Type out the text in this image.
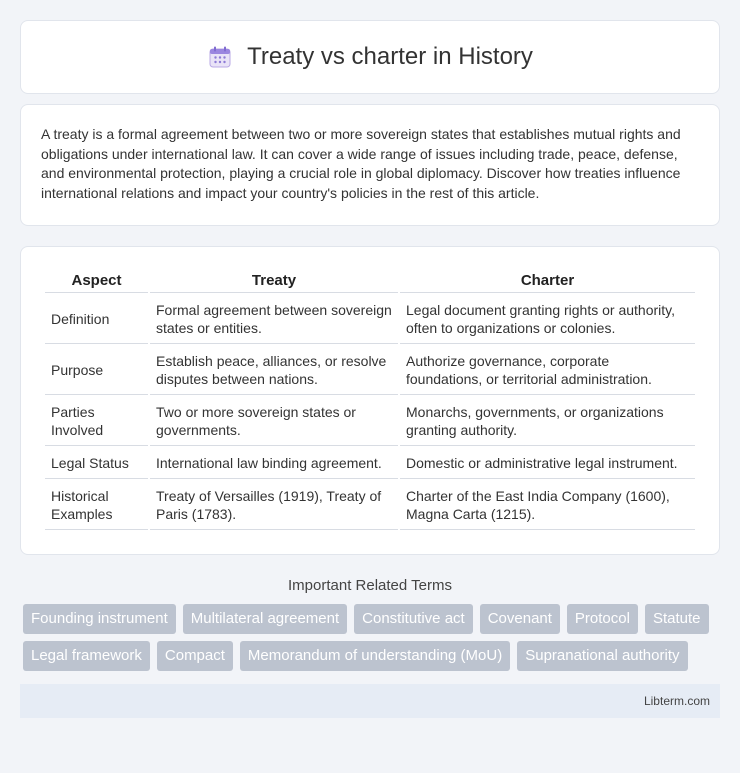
Treaty vs charter in History

A treaty is a formal agreement between two or more sovereign states that establishes mutual rights and obligations under international law. It can cover a wide range of issues including trade, peace, defense, and environmental protection, playing a crucial role in global diplomacy. Discover how treaties influence international relations and impact your country's policies in the rest of this article.

Aspect	Treaty	Charter
Definition	Formal agreement between sovereign states or entities.	Legal document granting rights or authority, often to organizations or colonies.
Purpose	Establish peace, alliances, or resolve disputes between nations.	Authorize governance, corporate foundations, or territorial administration.
Parties Involved	Two or more sovereign states or governments.	Monarchs, governments, or organizations granting authority.
Legal Status	International law binding agreement.	Domestic or administrative legal instrument.
Historical Examples	Treaty of Versailles (1919), Treaty of Paris (1783).	Charter of the East India Company (1600), Magna Carta (1215).
Important Related Terms
Founding instrument	Multilateral agreement	Constitutive act	Covenant	Protocol	Statute
Legal framework	Compact	Memorandum of understanding (MoU)	Supranational authority
Libterm.com
